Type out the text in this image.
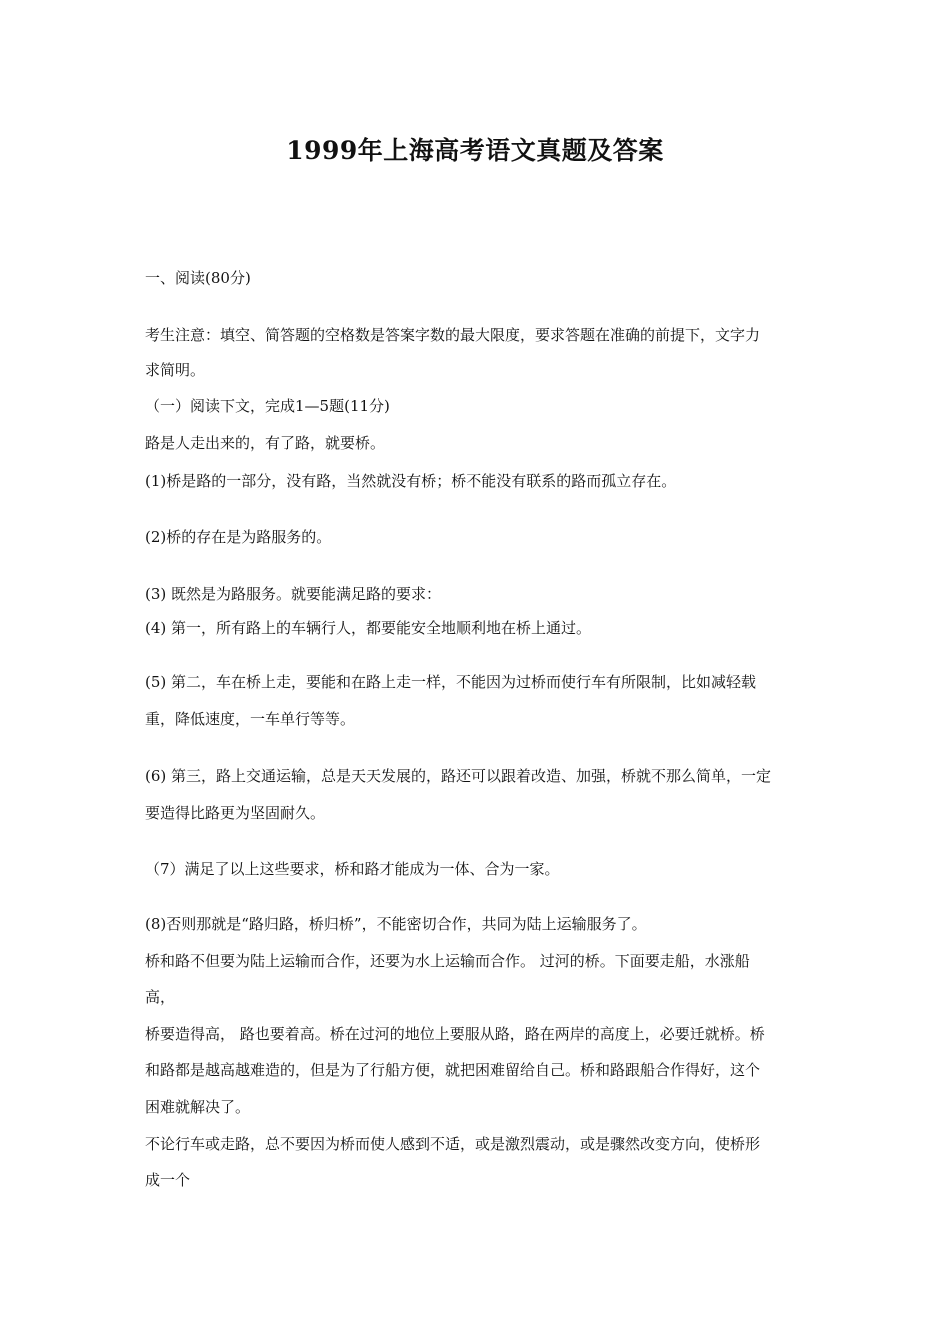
1999年上海高考语文真题及答案
一、阅读(80分)
考生注意：填空、简答题的空格数是答案字数的最大限度，要求答题在准确的前提下，文字力
求简明。
（一）阅读下文，完成1—5题(11分)
路是人走出来的，有了路，就要桥。
(1)桥是路的一部分，没有路，当然就没有桥；桥不能没有联系的路而孤立存在。
(2)桥的存在是为路服务的。
(3) 既然是为路服务。就要能满足路的要求：
(4) 第一，所有路上的车辆行人，都要能安全地顺利地在桥上通过。
(5) 第二，车在桥上走，要能和在路上走一样，不能因为过桥而使行车有所限制，比如减轻载
重，降低速度，一车单行等等。
(6) 第三，路上交通运输，总是天天发展的，路还可以跟着改造、加强，桥就不那么简单，一定
要造得比路更为坚固耐久。
（7）满足了以上这些要求，桥和路才能成为一体、合为一家。
(8)否则那就是“路归路，桥归桥”，不能密切合作，共同为陆上运输服务了。
桥和路不但要为陆上运输而合作，还要为水上运输而合作。 过河的桥。下面要走船，水涨船
高，
桥要造得高， 路也要着高。桥在过河的地位上要服从路，路在两岸的高度上，必要迁就桥。桥
和路都是越高越难造的，但是为了行船方便，就把困难留给自己。桥和路跟船合作得好，这个
困难就解决了。
不论行车或走路，总不要因为桥而使人感到不适，或是激烈震动，或是骤然改变方向，使桥形
成一个
